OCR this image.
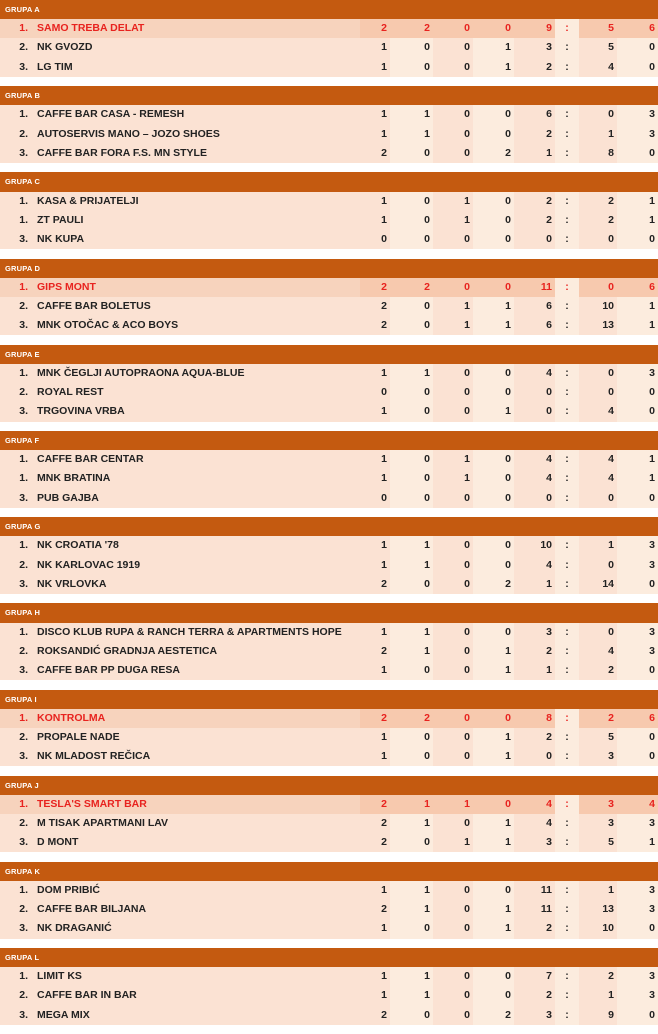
GRUPA A
1. SAMO TREBA DELAT	2	2	0	0	9	:	5	6
2. NK GVOZD	1	0	0	1	3	:	5	0
3. LG TIM	1	0	0	1	2	:	4	0
GRUPA B
1. CAFFE BAR CASA - REMESH	1	1	0	0	6	:	0	3
2. AUTOSERVIS MANO – JOZO SHOES	1	1	0	0	2	:	1	3
3. CAFFE BAR FORA F.S. MN STYLE	2	0	0	2	1	:	8	0
GRUPA C
1. KASA & PRIJATELJI	1	0	1	0	2	:	2	1
1. ZT PAULI	1	0	1	0	2	:	2	1
3. NK KUPA	0	0	0	0	0	:	0	0
GRUPA D
1. GIPS MONT	2	2	0	0	11	:	0	6
2. CAFFE BAR BOLETUS	2	0	1	1	6	:	10	1
3. MNK OTOČAC & ACO BOYS	2	0	1	1	6	:	13	1
GRUPA E
1. MNK ČEGLJI AUTOPRAONA AQUA-BLUE	1	1	0	0	4	:	0	3
2. ROYAL REST	0	0	0	0	0	:	0	0
3. TRGOVINA VRBA	1	0	0	1	0	:	4	0
GRUPA F
1. CAFFE BAR CENTAR	1	0	1	0	4	:	4	1
1. MNK BRATINA	1	0	1	0	4	:	4	1
3. PUB GAJBA	0	0	0	0	0	:	0	0
GRUPA G
1. NK CROATIA '78	1	1	0	0	10	:	1	3
2. NK KARLOVAC 1919	1	1	0	0	4	:	0	3
3. NK VRLOVKA	2	0	0	2	1	:	14	0
GRUPA H
1. DISCO KLUB RUPA & RANCH TERRA & APARTMENTS HOPE	1	1	0	0	3	:	0	3
2. ROKSANDIĆ GRADNJA AESTETICA	2	1	0	1	2	:	4	3
3. CAFFE BAR PP DUGA RESA	1	0	0	1	1	:	2	0
GRUPA I
1. KONTROLMA	2	2	0	0	8	:	2	6
2. PROPALE NADE	1	0	0	1	2	:	5	0
3. NK MLADOST REČICA	1	0	0	1	0	:	3	0
GRUPA J
1. TESLA'S SMART BAR	2	1	1	0	4	:	3	4
2. M TISAK APARTMANI LAV	2	1	0	1	4	:	3	3
3. D MONT	2	0	1	1	3	:	5	1
GRUPA K
1. DOM PRIBIĆ	1	1	0	0	11	:	1	3
2. CAFFE BAR BILJANA	2	1	0	1	11	:	13	3
3. NK DRAGANIĆ	1	0	0	1	2	:	10	0
GRUPA L
1. LIMIT KS	1	1	0	0	7	:	2	3
2. CAFFE BAR IN BAR	1	1	0	0	2	:	1	3
3. MEGA MIX	2	0	0	2	3	:	9	0
